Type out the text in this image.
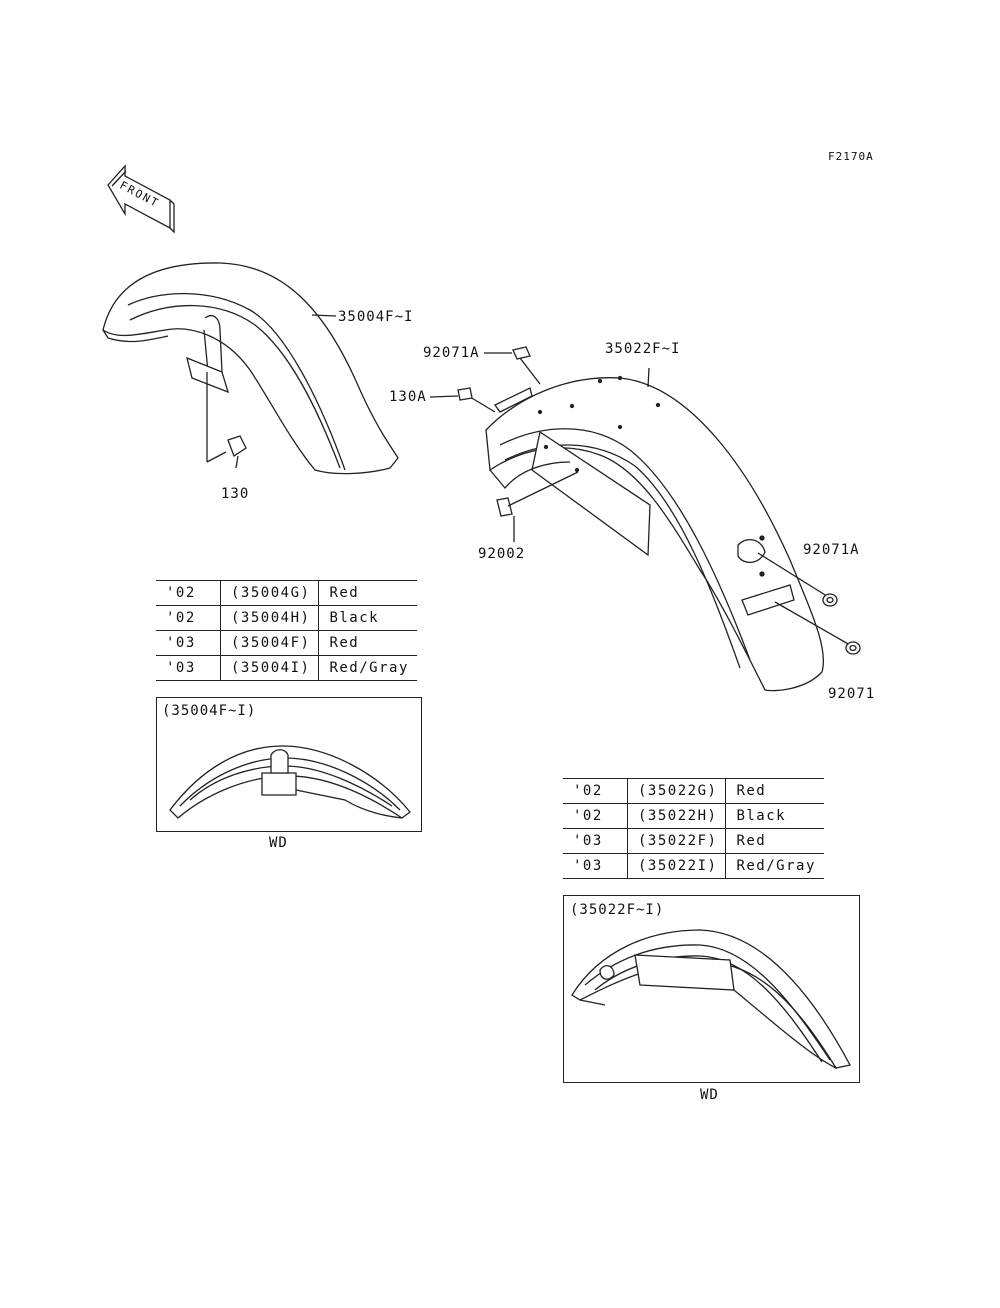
F2170A
FRONT
35004F~I
130
35022F~I
92071A
130A
92002	92071A
92071
'02	(35004G)	Red
'02	(35004H)	Black
'03	(35004F)	Red
'03	(35004I)	Red/Gray
(35004F~I)
WD
'02	(35022G)	Red
'02	(35022H)	Black
'03	(35022F)	Red
'03	(35022I)	Red/Gray
(35022F~I)
WD
